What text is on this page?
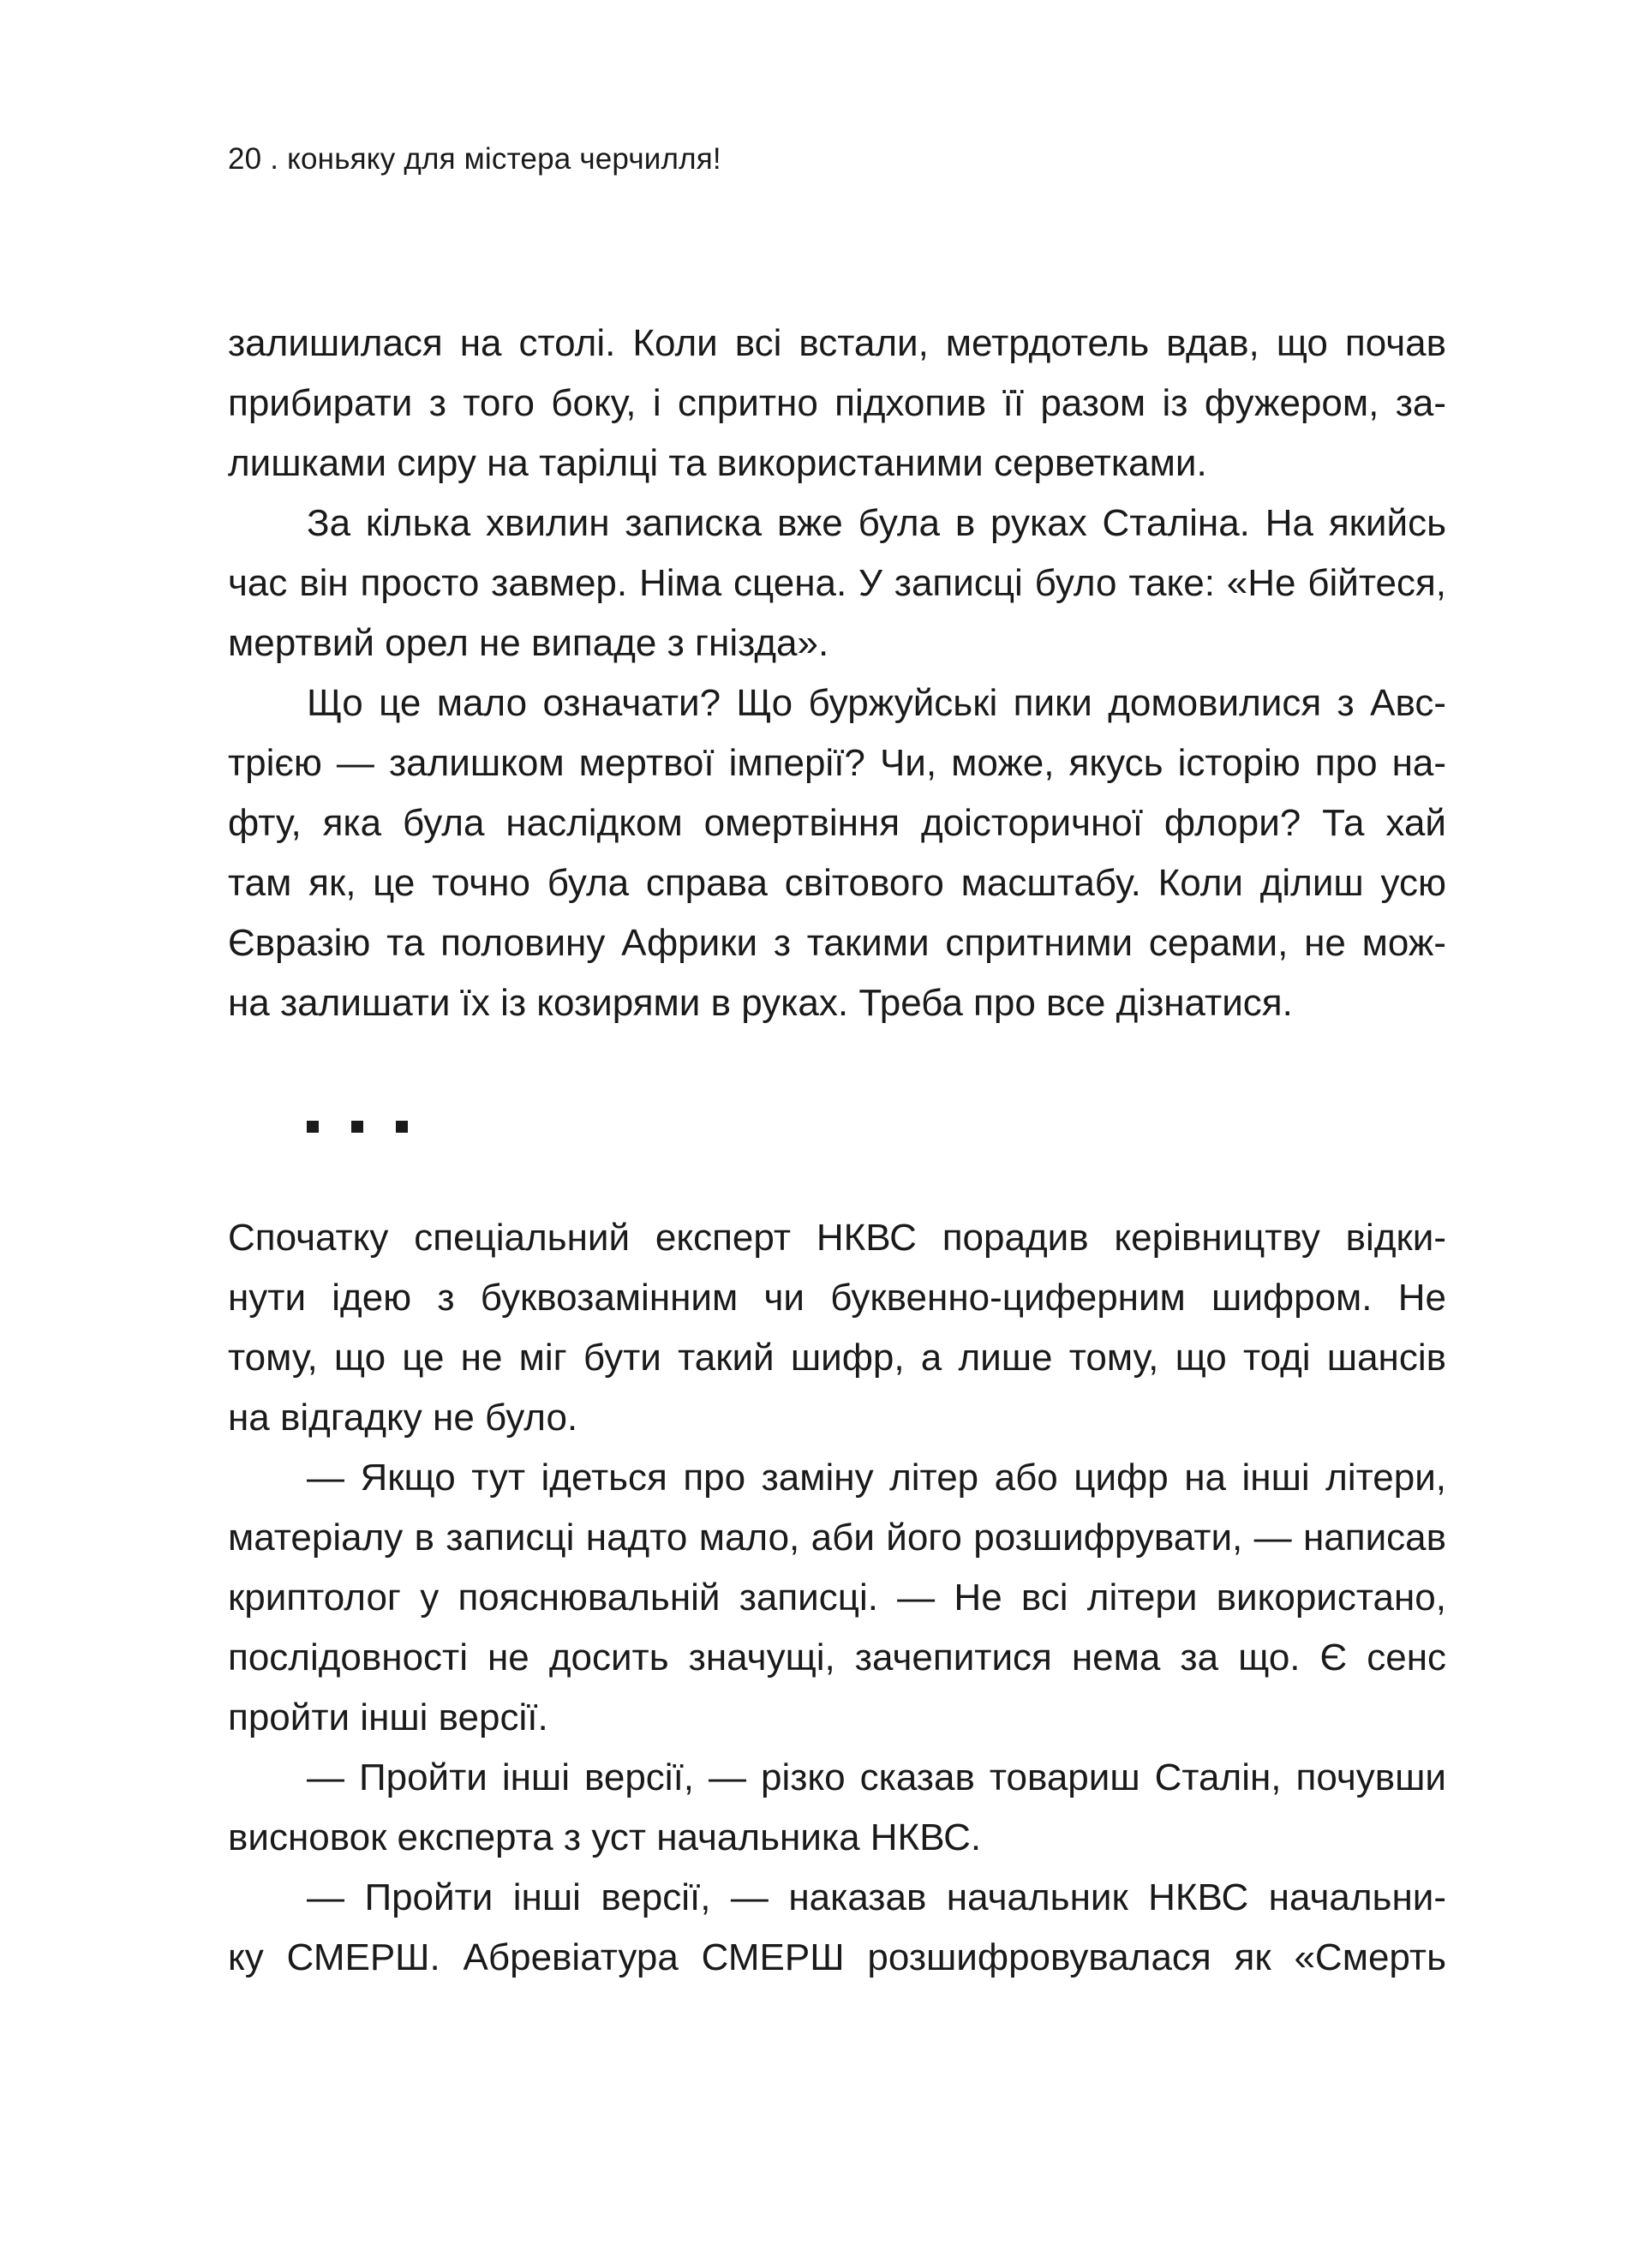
20 . коньяку для містера черчилля!
залишилася на столі. Коли всі встали, метрдотель вдав, що почав
прибирати з того боку, і спритно підхопив її разом із фужером, за-
лишками сиру на тарілці та використаними серветками.
За кілька хвилин записка вже була в руках Сталіна. На якийсь
час він просто завмер. Німа сцена. У записці було таке: «Не бійтеся,
мертвий орел не випаде з гнізда».
Що це мало означати? Що буржуйські пики домовилися з Авс-
трією — залишком мертвої імперії? Чи, може, якусь історію про на-
фту, яка була наслідком омертвіння доісторичної флори? Та хай
там як, це точно була справа світового масштабу. Коли ділиш усю
Євразію та половину Африки з такими спритними серами, не мож-
на залишати їх із козирями в руках. Треба про все дізнатися.
Спочатку спеціальний експерт НКВС порадив керівництву відки-
нути ідею з буквозамінним чи буквенно-циферним шифром. Не
тому, що це не міг бути такий шифр, а лише тому, що тоді шансів
на відгадку не було.
— Якщо тут ідеться про заміну літер або цифр на інші літери,
матеріалу в записці надто мало, аби його розшифрувати, — написав
криптолог у пояснювальній записці. — Не всі літери використано,
послідовності не досить значущі, зачепитися нема за що. Є сенс
пройти інші версії.
— Пройти інші версії, — різко сказав товариш Сталін, почувши
висновок експерта з уст начальника НКВС.
— Пройти інші версії, — наказав начальник НКВС начальни-
ку СМЕРШ. Абревіатура СМЕРШ розшифровувалася як «Смерть
